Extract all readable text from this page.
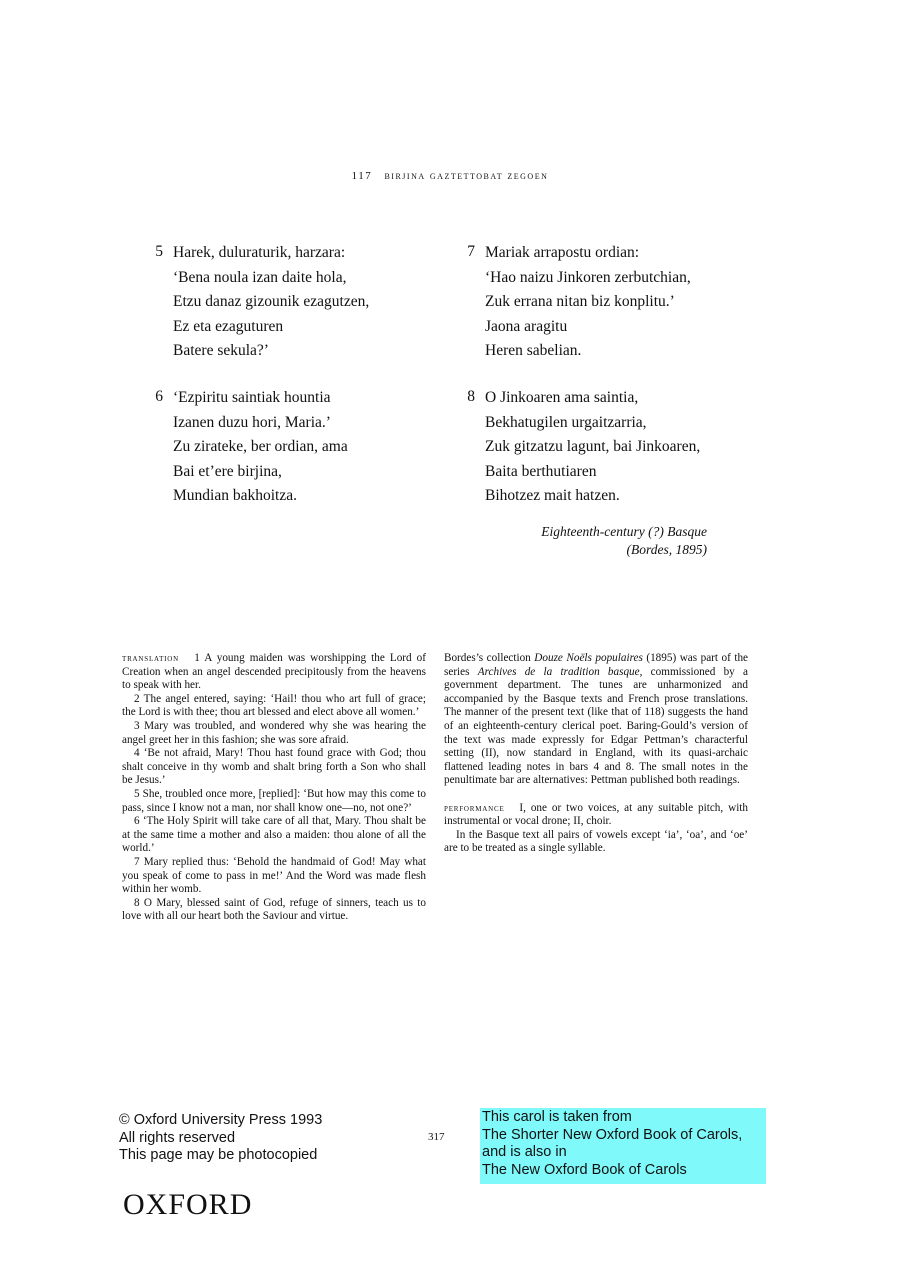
117 birjina gaztettobat zegoen
5 Harek, duluraturik, harzara:
‘Bena noula izan daite hola,
Etzu danaz gizounik ezagutzen,
Ez eta ezaguturen
Batere sekula?’
6 ‘Ezpiritu saintiak hountia
Izanen duzu hori, Maria.’
Zu zirateke, ber ordian, ama
Bai et’ere birjina,
Mundian bakhoitza.
7 Mariak arrapostu ordian:
‘Hao naizu Jinkoren zerbutchian,
Zuk errana nitan biz konplitu.’
Jaona aragitu
Heren sabelian.
8 O Jinkoaren ama saintia,
Bekhatugilen urgaitzarria,
Zuk gitzatzu lagunt, bai Jinkoaren,
Baita berthutiaren
Bihotzez mait hatzen.
Eighteenth-century (?) Basque
(Bordes, 1895)

translation 1 A young maiden was worshipping the Lord of Creation when an angel descended precipitously from the heavens to speak with her.

2 The angel entered, saying: ‘Hail! thou who art full of grace; the Lord is with thee; thou art blessed and elect above all women.’

3 Mary was troubled, and wondered why she was hearing the angel greet her in this fashion; she was sore afraid.

4 ‘Be not afraid, Mary! Thou hast found grace with God; thou shalt conceive in thy womb and shalt bring forth a Son who shall be Jesus.’

5 She, troubled once more, [replied]: ‘But how may this come to pass, since I know not a man, nor shall know one—no, not one?’

6 ‘The Holy Spirit will take care of all that, Mary. Thou shalt be at the same time a mother and also a maiden: thou alone of all the world.’

7 Mary replied thus: ‘Behold the handmaid of God! May what you speak of come to pass in me!’ And the Word was made flesh within her womb.

8 O Mary, blessed saint of God, refuge of sinners, teach us to love with all our heart both the Saviour and virtue.

Bordes’s collection Douze Noëls populaires (1895) was part of the series Archives de la tradition basque, commissioned by a government department. The tunes are unharmonized and accompanied by the Basque texts and French prose translations. The manner of the present text (like that of 118) suggests the hand of an eighteenth-century clerical poet. Baring-Gould’s version of the text was made expressly for Edgar Pettman’s characterful setting (II), now standard in England, with its quasi-archaic flattened leading notes in bars 4 and 8. The small notes in the penultimate bar are alternatives: Pettman published both readings.

performance I, one or two voices, at any suitable pitch, with instrumental or vocal drone; II, choir.

In the Basque text all pairs of vowels except ‘ia’, ‘oa’, and ‘oe’ are to be treated as a single syllable.

© Oxford University Press 1993
All rights reserved
This page may be photocopied
317
This carol is taken from
The Shorter New Oxford Book of Carols,
and is also in
The New Oxford Book of Carols
OXFORD
